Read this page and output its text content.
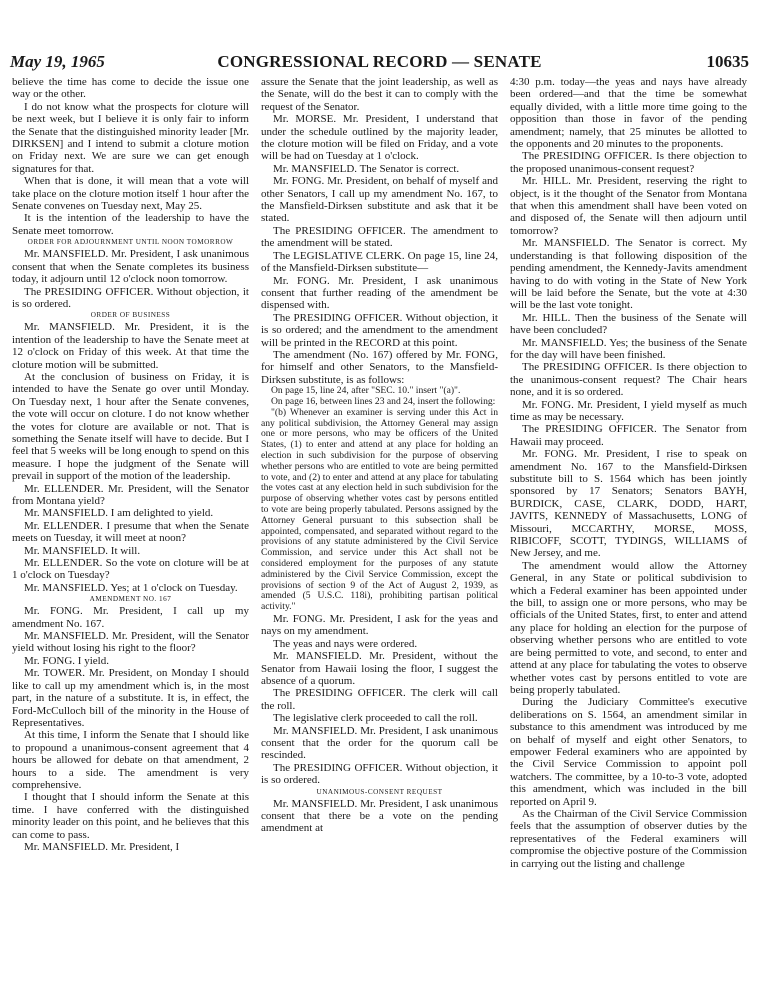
May 19, 1965	CONGRESSIONAL RECORD — SENATE	10635

believe the time has come to decide the issue one way or the other.

I do not know what the prospects for cloture will be next week, but I believe it is only fair to inform the Senate that the distinguished minority leader [Mr. DIRKSEN] and I intend to submit a cloture motion on Friday next. We are sure we can get enough signatures for that.

When that is done, it will mean that a vote will take place on the cloture motion itself 1 hour after the Senate convenes on Tuesday next, May 25.

It is the intention of the leadership to have the Senate meet tomorrow.

ORDER FOR ADJOURNMENT UNTIL NOON TOMORROW

Mr. MANSFIELD. Mr. President, I ask unanimous consent that when the Senate completes its business today, it adjourn until 12 o'clock noon tomorrow.

The PRESIDING OFFICER. Without objection, it is so ordered.

ORDER OF BUSINESS

Mr. MANSFIELD. Mr. President, it is the intention of the leadership to have the Senate meet at 12 o'clock on Friday of this week. At that time the cloture motion will be submitted.

At the conclusion of business on Friday, it is intended to have the Senate go over until Monday. On Tuesday next, 1 hour after the Senate convenes, the vote will occur on cloture. I do not know whether the votes for cloture are available or not. That is something the Senate itself will have to decide. But I feel that 5 weeks will be long enough to spend on this measure. I hope the judgment of the Senate will prevail in support of the motion of the leadership.

Mr. ELLENDER. Mr. President, will the Senator from Montana yield?

Mr. MANSFIELD. I am delighted to yield.

Mr. ELLENDER. I presume that when the Senate meets on Tuesday, it will meet at noon?

Mr. MANSFIELD. It will.

Mr. ELLENDER. So the vote on cloture will be at 1 o'clock on Tuesday?

Mr. MANSFIELD. Yes; at 1 o'clock on Tuesday.

AMENDMENT NO. 167

Mr. FONG. Mr. President, I call up my amendment No. 167.

Mr. MANSFIELD. Mr. President, will the Senator yield without losing his right to the floor?

Mr. FONG. I yield.

Mr. TOWER. Mr. President, on Monday I should like to call up my amendment which is, in the most part, in the nature of a substitute. It is, in effect, the Ford-McCulloch bill of the minority in the House of Representatives.

At this time, I inform the Senate that I should like to propound a unanimous-consent agreement that 4 hours be allowed for debate on that amendment, 2 hours to a side. The amendment is very comprehensive.

I thought that I should inform the Senate at this time. I have conferred with the distinguished minority leader on this point, and he believes that this can come to pass.

Mr. MANSFIELD. Mr. President, I

assure the Senate that the joint leadership, as well as the Senate, will do the best it can to comply with the request of the Senator.

Mr. MORSE. Mr. President, I understand that under the schedule outlined by the majority leader, the cloture motion will be filed on Friday, and a vote will be had on Tuesday at 1 o'clock.

Mr. MANSFIELD. The Senator is correct.

Mr. FONG. Mr. President, on behalf of myself and other Senators, I call up my amendment No. 167, to the Mansfield-Dirksen substitute and ask that it be stated.

The PRESIDING OFFICER. The amendment to the amendment will be stated.

The LEGISLATIVE CLERK. On page 15, line 24, of the Mansfield-Dirksen substitute—

Mr. FONG. Mr. President, I ask unanimous consent that further reading of the amendment be dispensed with.

The PRESIDING OFFICER. Without objection, it is so ordered; and the amendment to the amendment will be printed in the RECORD at this point.

The amendment (No. 167) offered by Mr. FONG, for himself and other Senators, to the Mansfield-Dirksen substitute, is as follows:

On page 15, line 24, after "SEC. 10." insert "(a)".

On page 16, between lines 23 and 24, insert the following:

"(b) Whenever an examiner is serving under this Act in any political subdivision, the Attorney General may assign one or more persons, who may be officers of the United States, (1) to enter and attend at any place for holding an election in such subdivision for the purpose of observing whether persons who are entitled to vote are being permitted to vote, and (2) to enter and attend at any place for tabulating the votes cast at any election held in such subdivision for the purpose of observing whether votes cast by persons entitled to vote are being properly tabulated. Persons assigned by the Attorney General pursuant to this subsection shall be appointed, compensated, and separated without regard to the provisions of any statute administered by the Civil Service Commission, and service under this Act shall not be considered employment for the purposes of any statute administered by the Civil Service Commission, except the provisions of section 9 of the Act of August 2, 1939, as amended (5 U.S.C. 118i), prohibiting partisan political activity."

Mr. FONG. Mr. President, I ask for the yeas and nays on my amendment.

The yeas and nays were ordered.

Mr. MANSFIELD. Mr. President, without the Senator from Hawaii losing the floor, I suggest the absence of a quorum.

The PRESIDING OFFICER. The clerk will call the roll.

The legislative clerk proceeded to call the roll.

Mr. MANSFIELD. Mr. President, I ask unanimous consent that the order for the quorum call be rescinded.

The PRESIDING OFFICER. Without objection, it is so ordered.

UNANIMOUS-CONSENT REQUEST

Mr. MANSFIELD. Mr. President, I ask unanimous consent that there be a vote on the pending amendment at

4:30 p.m. today—the yeas and nays have already been ordered—and that the time be somewhat equally divided, with a little more time going to the opposition than those in favor of the pending amendment; namely, that 25 minutes be allotted to the opponents and 20 minutes to the proponents.

The PRESIDING OFFICER. Is there objection to the proposed unanimous-consent request?

Mr. HILL. Mr. President, reserving the right to object, is it the thought of the Senator from Montana that when this amendment shall have been voted on and disposed of, the Senate will then adjourn until tomorrow?

Mr. MANSFIELD. The Senator is correct. My understanding is that following disposition of the pending amendment, the Kennedy-Javits amendment having to do with voting in the State of New York will be laid before the Senate, but the vote at 4:30 will be the last vote tonight.

Mr. HILL. Then the business of the Senate will have been concluded?

Mr. MANSFIELD. Yes; the business of the Senate for the day will have been finished.

The PRESIDING OFFICER. Is there objection to the unanimous-consent request? The Chair hears none, and it is so ordered.

Mr. FONG. Mr. President, I yield myself as much time as may be necessary.

The PRESIDING OFFICER. The Senator from Hawaii may proceed.

Mr. FONG. Mr. President, I rise to speak on amendment No. 167 to the Mansfield-Dirksen substitute bill to S. 1564 which has been jointly sponsored by 17 Senators; Senators BAYH, BURDICK, CASE, CLARK, DODD, HART, JAVITS, KENNEDY of Massachusetts, LONG of Missouri, MCCARTHY, MORSE, MOSS, RIBICOFF, SCOTT, TYDINGS, WILLIAMS of New Jersey, and me.

The amendment would allow the Attorney General, in any State or political subdivision to which a Federal examiner has been appointed under the bill, to assign one or more persons, who may be officials of the United States, first, to enter and attend any place for holding an election for the purpose of observing whether persons who are entitled to vote are being permitted to vote, and second, to enter and attend at any place for tabulating the votes to observe whether votes cast by persons entitled to vote are being properly tabulated.

During the Judiciary Committee's executive deliberations on S. 1564, an amendment similar in substance to this amendment was introduced by me on behalf of myself and eight other Senators, to empower Federal examiners who are appointed by the Civil Service Commission to appoint poll watchers. The committee, by a 10-to-3 vote, adopted this amendment, which was included in the bill reported on April 9.

As the Chairman of the Civil Service Commission feels that the assumption of observer duties by the representatives of the Federal examiners will compromise the objective posture of the Commission in carrying out the listing and challenge
